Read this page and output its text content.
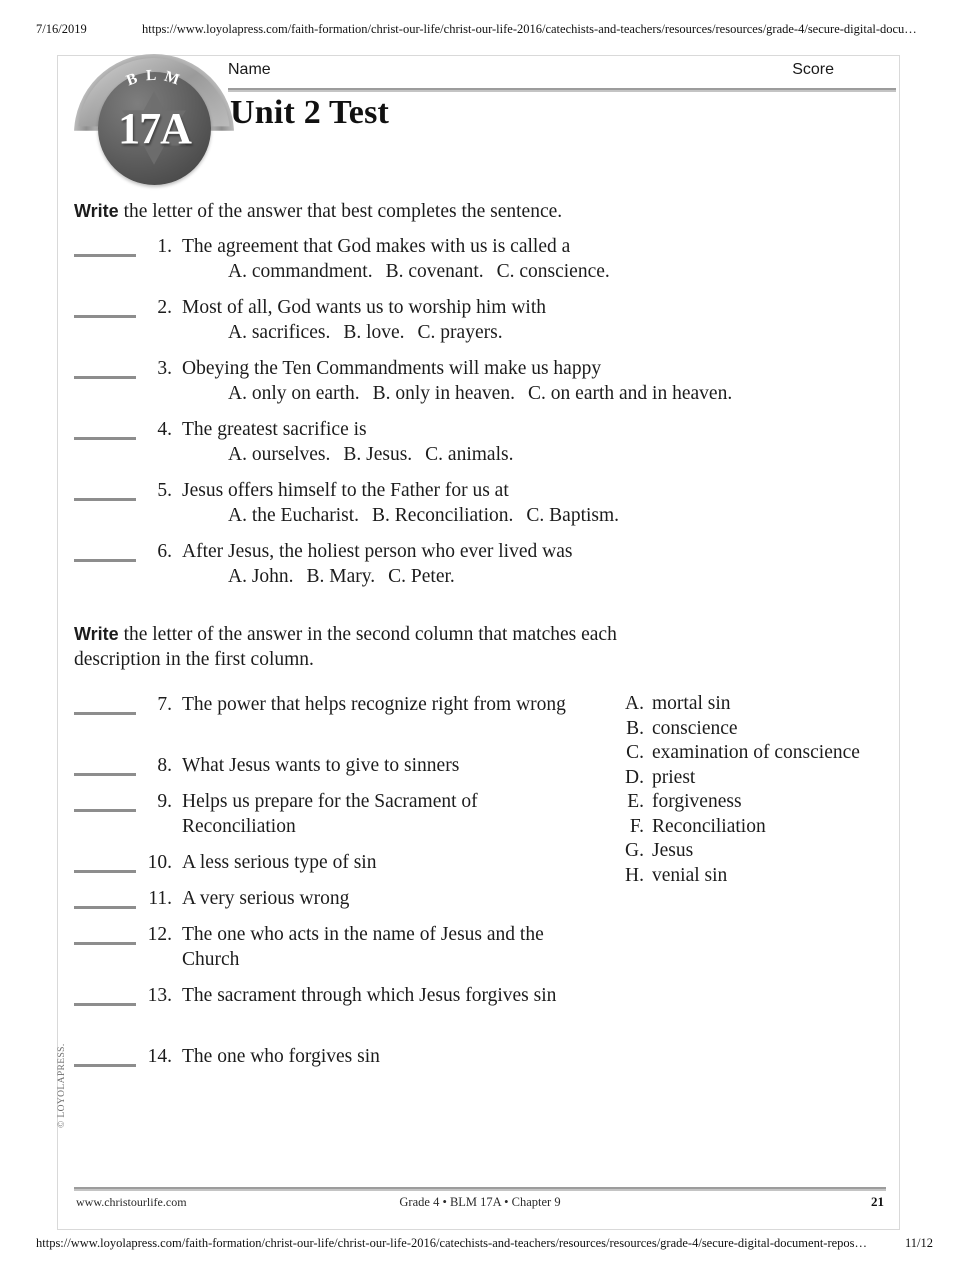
7/16/2019	https://www.loyolapress.com/faith-formation/christ-our-life/christ-our-life-2016/catechists-and-teachers/resources/resources/grade-4/secure-digital-docu…
B L M
17A
Name	Score
Unit 2 Test
Write the letter of the answer that best completes the sentence.
Write the letter of the answer in the second column that matches each description in the first column.
1. The agreement that God makes with us is called a
A. commandment. B. covenant. C. conscience.
2. Most of all, God wants us to worship him with
A. sacrifices. B. love. C. prayers.
3. Obeying the Ten Commandments will make us happy
A. only on earth. B. only in heaven. C. on earth and in heaven.
4. The greatest sacrifice is
A. ourselves. B. Jesus. C. animals.
5. Jesus offers himself to the Father for us at
A. the Eucharist. B. Reconciliation. C. Baptism.
6. After Jesus, the holiest person who ever lived was
A. John. B. Mary. C. Peter.
7. The power that helps recognize right from wrong
8. What Jesus wants to give to sinners
9. Helps us prepare for the Sacrament of Reconciliation
10. A less serious type of sin
11. A very serious wrong
12. The one who acts in the name of Jesus and the Church
13. The sacrament through which Jesus forgives sin
14. The one who forgives sin
A. mortal sin
B. conscience
C. examination of conscience
D. priest
E. forgiveness
F. Reconciliation
G. Jesus
H. venial sin
© LOYOLAPRESS.
www.christourlife.com	Grade 4 • BLM 17A • Chapter 9	21
https://www.loyolapress.com/faith-formation/christ-our-life/christ-our-life-2016/catechists-and-teachers/resources/resources/grade-4/secure-digital-document-repos…	11/12
